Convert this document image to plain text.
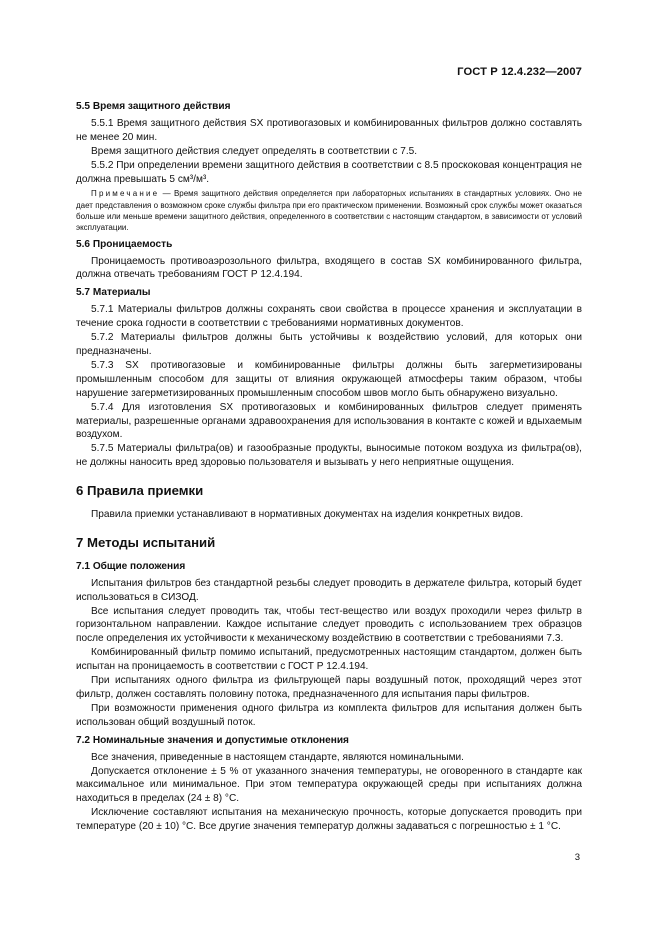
ГОСТ Р 12.4.232—2007

5.5 Время защитного действия

5.5.1 Время защитного действия SX противогазовых и комбинированных фильтров должно составлять не менее 20 мин.

Время защитного действия следует определять в соответствии с 7.5.

5.5.2 При определении времени защитного действия в соответствии с 8.5 проскоковая концентрация не должна превышать 5 см³/м³.

Примечание — Время защитного действия определяется при лабораторных испытаниях в стандартных условиях. Оно не дает представления о возможном сроке службы фильтра при его практическом применении. Возможный срок службы может оказаться больше или меньше времени защитного действия, определенного в соответствии с настоящим стандартом, в зависимости от условий эксплуатации.

5.6 Проницаемость

Проницаемость противоаэрозольного фильтра, входящего в состав SX комбинированного фильтра, должна отвечать требованиям ГОСТ Р 12.4.194.

5.7 Материалы

5.7.1 Материалы фильтров должны сохранять свои свойства в процессе хранения и эксплуатации в течение срока годности в соответствии с требованиями нормативных документов.

5.7.2 Материалы фильтров должны быть устойчивы к воздействию условий, для которых они предназначены.

5.7.3 SX противогазовые и комбинированные фильтры должны быть загерметизированы промышленным способом для защиты от влияния окружающей атмосферы таким образом, чтобы нарушение загерметизированных промышленным способом швов могло быть обнаружено визуально.

5.7.4 Для изготовления SX противогазовых и комбинированных фильтров следует применять материалы, разрешенные органами здравоохранения для использования в контакте с кожей и вдыхаемым воздухом.

5.7.5 Материалы фильтра(ов) и газообразные продукты, выносимые потоком воздуха из фильтра(ов), не должны наносить вред здоровью пользователя и вызывать у него неприятные ощущения.

6 Правила приемки

Правила приемки устанавливают в нормативных документах на изделия конкретных видов.

7 Методы испытаний

7.1 Общие положения

Испытания фильтров без стандартной резьбы следует проводить в держателе фильтра, который будет использоваться в СИЗОД.

Все испытания следует проводить так, чтобы тест-вещество или воздух проходили через фильтр в горизонтальном направлении. Каждое испытание следует проводить с использованием трех образцов после определения их устойчивости к механическому воздействию в соответствии с требованиями 7.3.

Комбинированный фильтр помимо испытаний, предусмотренных настоящим стандартом, должен быть испытан на проницаемость в соответствии с ГОСТ Р 12.4.194.

При испытаниях одного фильтра из фильтрующей пары воздушный поток, проходящий через этот фильтр, должен составлять половину потока, предназначенного для испытания пары фильтров.

При возможности применения одного фильтра из комплекта фильтров для испытания должен быть использован общий воздушный поток.

7.2 Номинальные значения и допустимые отклонения

Все значения, приведенные в настоящем стандарте, являются номинальными.

Допускается отклонение ± 5 % от указанного значения температуры, не оговоренного в стандарте как максимальное или минимальное. При этом температура окружающей среды при испытаниях должна находиться в пределах (24 ± 8) °С.

Исключение составляют испытания на механическую прочность, которые допускается проводить при температуре (20 ± 10) °С. Все другие значения температур должны задаваться с погрешностью ± 1 °С.

3
